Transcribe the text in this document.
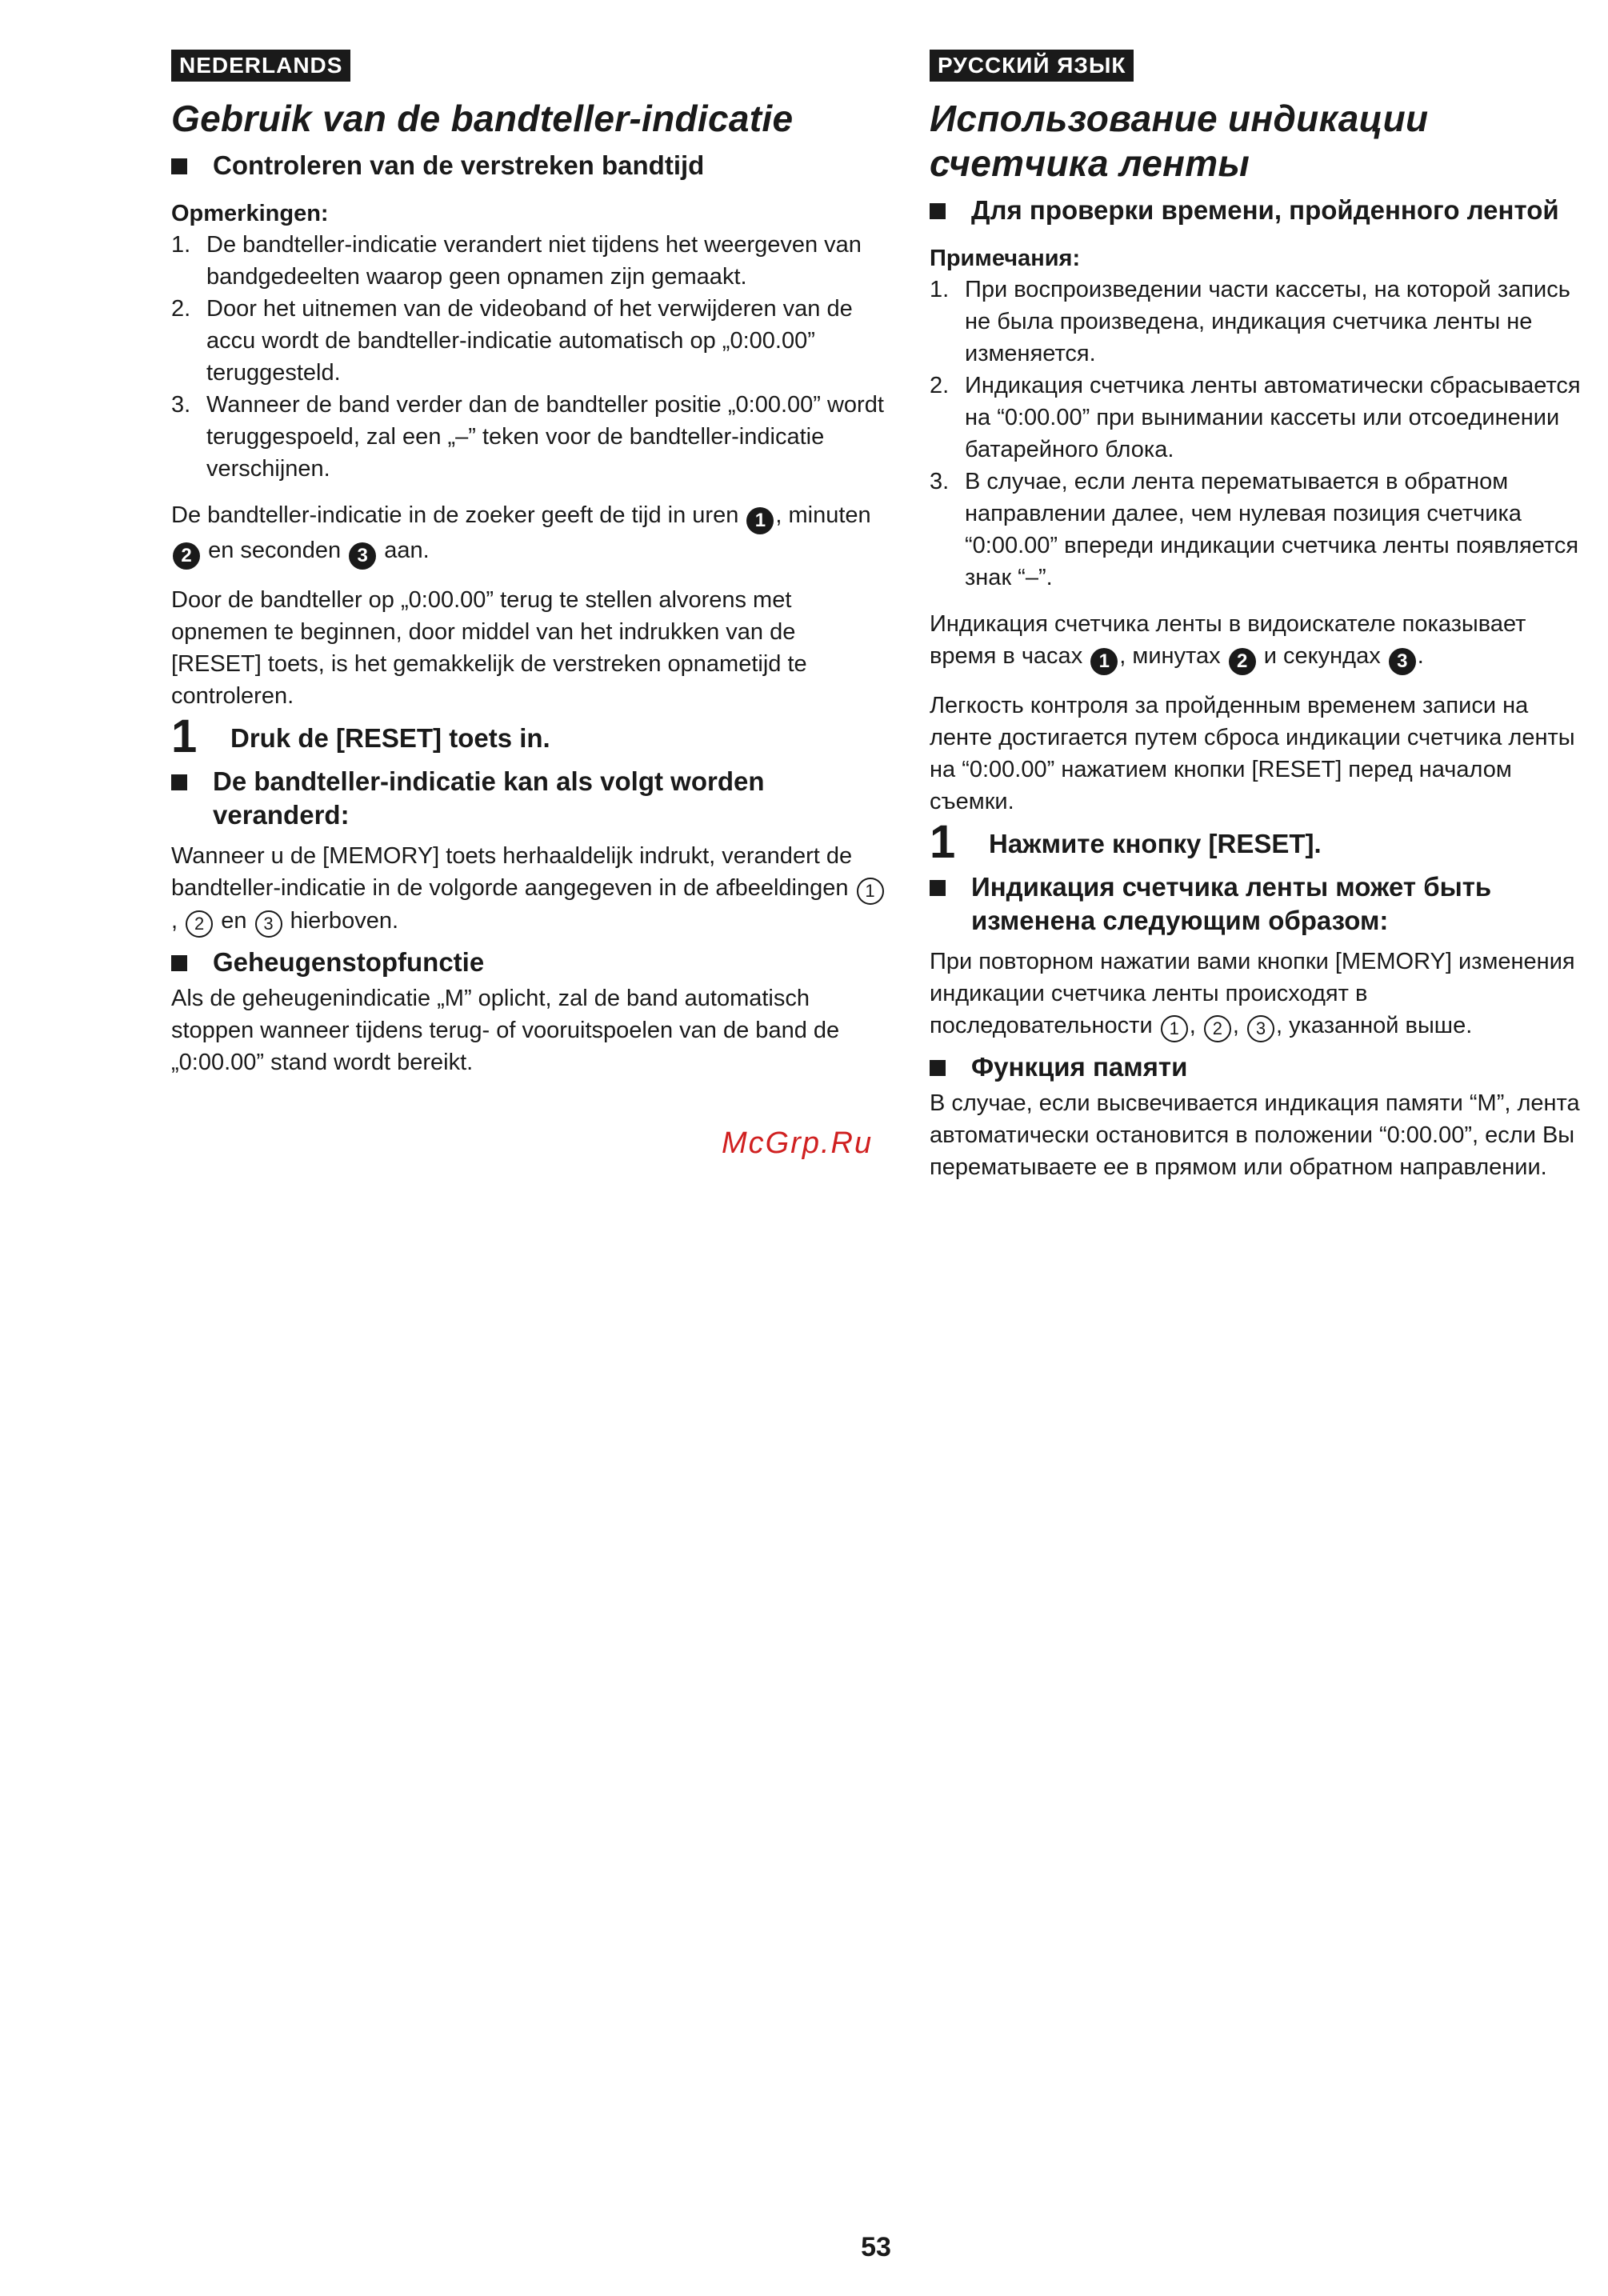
NEDERLANDS
Gebruik van de bandteller-indicatie
Controleren van de verstreken bandtijd
Opmerkingen:
1. De bandteller-indicatie verandert niet tijdens het weergeven van bandgedeelten waarop geen opnamen zijn gemaakt.
2. Door het uitnemen van de videoband of het verwijderen van de accu wordt de bandteller-indicatie automatisch op „0:00.00” teruggesteld.
3. Wanneer de band verder dan de bandteller positie „0:00.00” wordt teruggespoeld, zal een „–” teken voor de bandteller-indicatie verschijnen.

De bandteller-indicatie in de zoeker geeft de tijd in uren 1 , minuten 2 en seconden 3 aan.

Door de bandteller op „0:00.00” terug te stellen alvorens met opnemen te beginnen, door middel van het indrukken van de [RESET] toets, is het gemakkelijk de verstreken opnametijd te controleren.

1 Druk de [RESET] toets in.
De bandteller-indicatie kan als volgt worden veranderd:

Wanneer u de [MEMORY] toets herhaaldelijk indrukt, verandert de bandteller-indicatie in de volgorde aangegeven in de afbeeldingen 1, 2 en 3 hierboven.

Geheugenstopfunctie

Als de geheugenindicatie „M” oplicht, zal de band automatisch stoppen wanneer tijdens terug- of vooruitspoelen van de band de „0:00.00” stand wordt bereikt.

РУССКИЙ ЯЗЫК
Использование индикации счетчика ленты
Для проверки времени, пройденного лентой
Примечания:
1. При воспроизведении части кассеты, на которой запись не была произведена, индикация счетчика ленты не изменяется.
2. Индикация счетчика ленты автоматически сбрасывается на “0:00.00” при вынимании кассеты или отсоединении батарейного блока.
3. В случае, если лента перематывается в обратном направлении далее, чем нулевая позиция счетчика “0:00.00” впереди индикации счетчика ленты появляется знак “–”.

Индикация счетчика ленты в видоискателе показывает время в часах 1 , минутах 2 и секундах 3 .

Легкость контроля за пройденным временем записи на ленте достигается путем сброса индикации счетчика ленты на “0:00.00” нажатием кнопки [RESET] перед началом съемки.

1 Нажмите кнопку [RESET].
Индикация счетчика ленты может быть изменена следующим образом:

При повторном нажатии вами кнопки [MEMORY] изменения индикации счетчика ленты происходят в последовательности 1 , 2 , 3 , указанной выше.

Функция памяти

В случае, если высвечивается индикация памяти “M”, лента автоматически остановится в положении “0:00.00”, если Вы перематываете ее в прямом или обратном направлении.

McGrp.Ru
53
